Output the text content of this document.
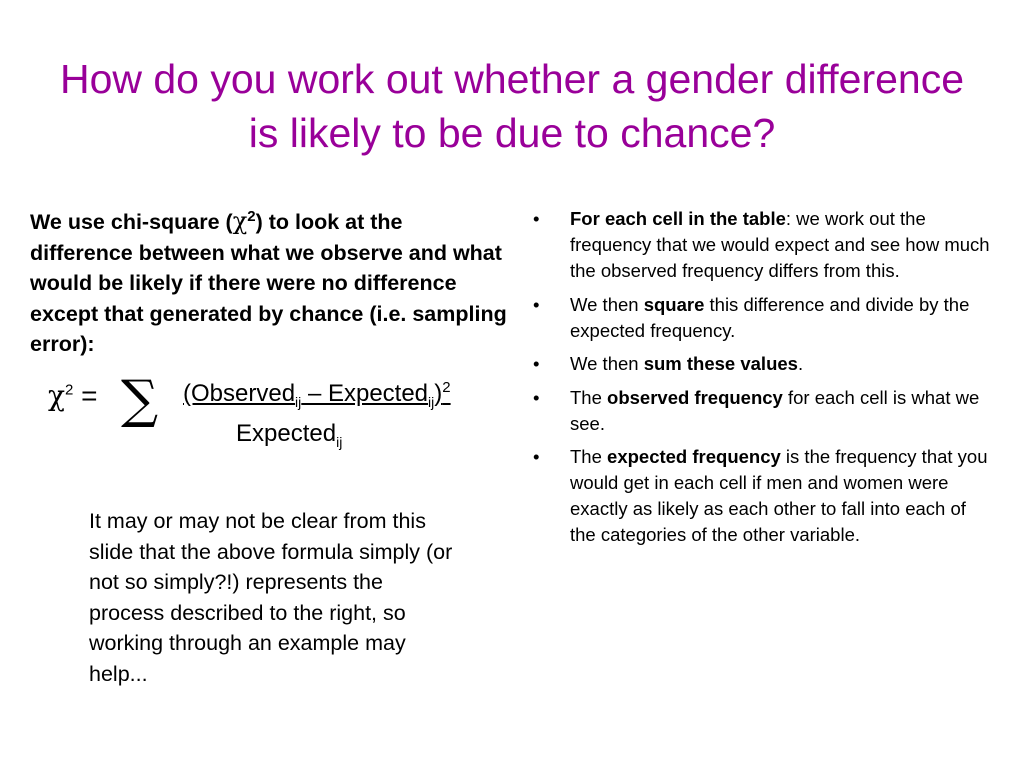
How do you work out whether a gender difference is likely to be due to chance?

We use chi-square $(\chi^2)$ to look at the difference between what we observe and what would be likely if there were no difference except that generated by chance (i.e. sampling error):

$\chi^2$ = ∑ (Observed$_{ij}$ – Expected$_{ij}$)$^2$
Expected$_{ij}$

It may or may not be clear from this slide that the above formula simply (or not so simply?!) represents the process described to the right, so working through an example may help...

• For each cell in the table: we work out the frequency that we would expect and see how much the observed frequency differs from this.
• We then square this difference and divide by the expected frequency.
• We then sum these values.
• The observed frequency for each cell is what we see.
• The expected frequency is the frequency that you would get in each cell if men and women were exactly as likely as each other to fall into each of the categories of the other variable.
